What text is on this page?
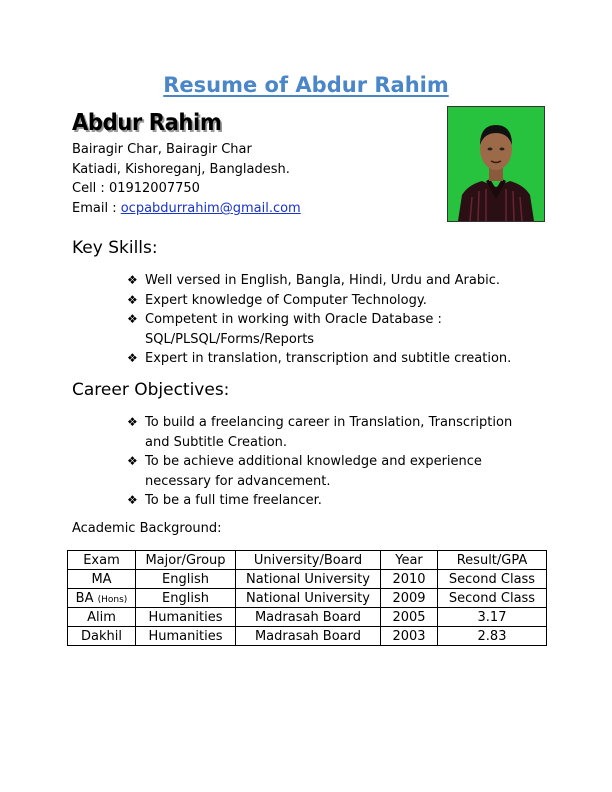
Resume of Abdur Rahim
Abdur Rahim
Bairagir Char, Bairagir Char
Katiadi, Kishoreganj, Bangladesh.
Cell : 01912007750
Email : ocpabdurrahim@gmail.com
Key Skills:
❖ Well versed in English, Bangla, Hindi, Urdu and Arabic.
❖ Expert knowledge of Computer Technology.
❖ Competent in working with Oracle Database :
SQL/PLSQL/Forms/Reports
❖ Expert in translation, transcription and subtitle creation.
Career Objectives:
❖ To build a freelancing career in Translation, Transcription
and Subtitle Creation.
❖ To be achieve additional knowledge and experience
necessary for advancement.
❖ To be a full time freelancer.
Academic Background:
Exam	Major/Group	University/Board	Year	Result/GPA
MA	English	National University	2010	Second Class
BA (Hons)	English	National University	2009	Second Class
Alim	Humanities	Madrasah Board	2005	3.17
Dakhil	Humanities	Madrasah Board	2003	2.83
